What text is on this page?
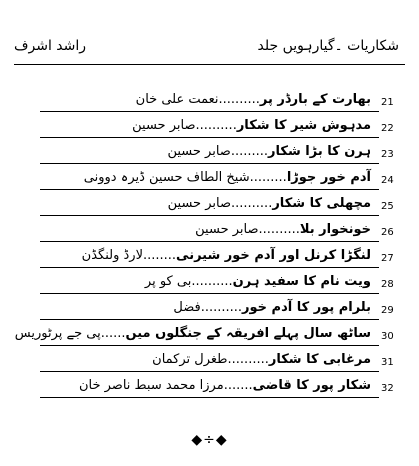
شکاریات ۔گیارہویں جلد
راشد اشرف
21
بھارت کے بارڈر پر..........نعمت علی خان
22
مدہوش شیر کا شکار..........صابر حسین
23
ہرن کا بڑا شکار.........صابر حسین
24
آدم خور جوڑا.........شیخ الطاف حسین ڈیرہ دوونی
25
مچھلی کا شکار..........صابر حسین
26
خونخوار بلا..........صابر حسین
27
لنگڑا کرنل اور آدم خور شیرنی........لارڈ ولنگڈن
28
ویت نام کا سفید ہرن..........بی کو پر
29
بلرام پور کا آدم خور..........فضل
30
ساٹھ سال پہلے افریقہ کے جنگلوں میں......پی جے پرٹوریس
31
مرغابی کا شکار..........طغرل ترکمان
32
شکار پور کا قاضی.......مرزا محمد سبط ناصر خان
◆÷◆
